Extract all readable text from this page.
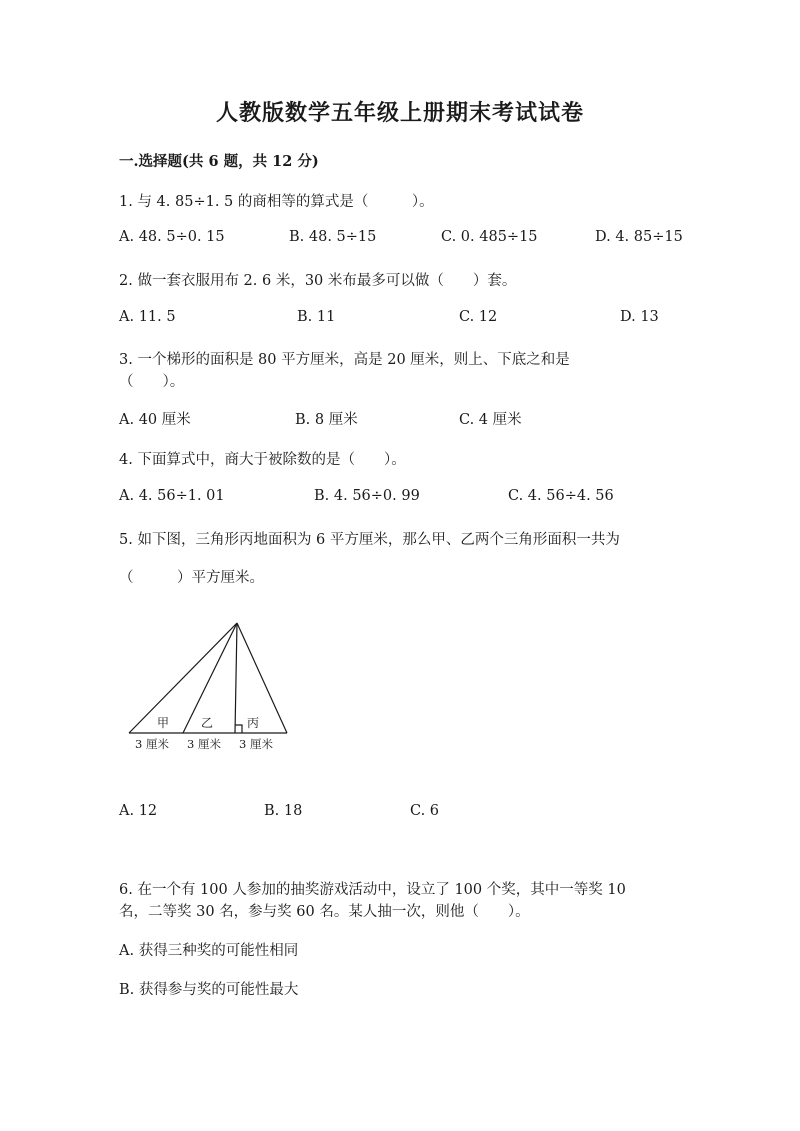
人教版数学五年级上册期末考试试卷
一.选择题(共 6 题，共 12 分)
1. 与 4. 85÷1. 5 的商相等的算式是（　　　）。
A. 48. 5÷0. 15	B. 48. 5÷15	C. 0. 485÷15	D. 4. 85÷15
2. 做一套衣服用布 2. 6 米，30 米布最多可以做（　　）套。
A. 11. 5	B. 11	C. 12	D. 13
3. 一个梯形的面积是 80 平方厘米，高是 20 厘米，则上、下底之和是
（　　）。
A. 40 厘米	B. 8 厘米	C. 4 厘米
4. 下面算式中，商大于被除数的是（　　）。
A. 4. 56÷1. 01	B. 4. 56÷0. 99	C. 4. 56÷4. 56
5. 如下图，三角形丙地面积为 6 平方厘米，那么甲、乙两个三角形面积一共为
（　　　）平方厘米。
甲	乙	丙
3 厘米 3 厘米 3 厘米
A. 12	B. 18	C. 6
6. 在一个有 100 人参加的抽奖游戏活动中，设立了 100 个奖，其中一等奖 10
名，二等奖 30 名，参与奖 60 名。某人抽一次，则他（　　）。
A. 获得三种奖的可能性相同
B. 获得参与奖的可能性最大
